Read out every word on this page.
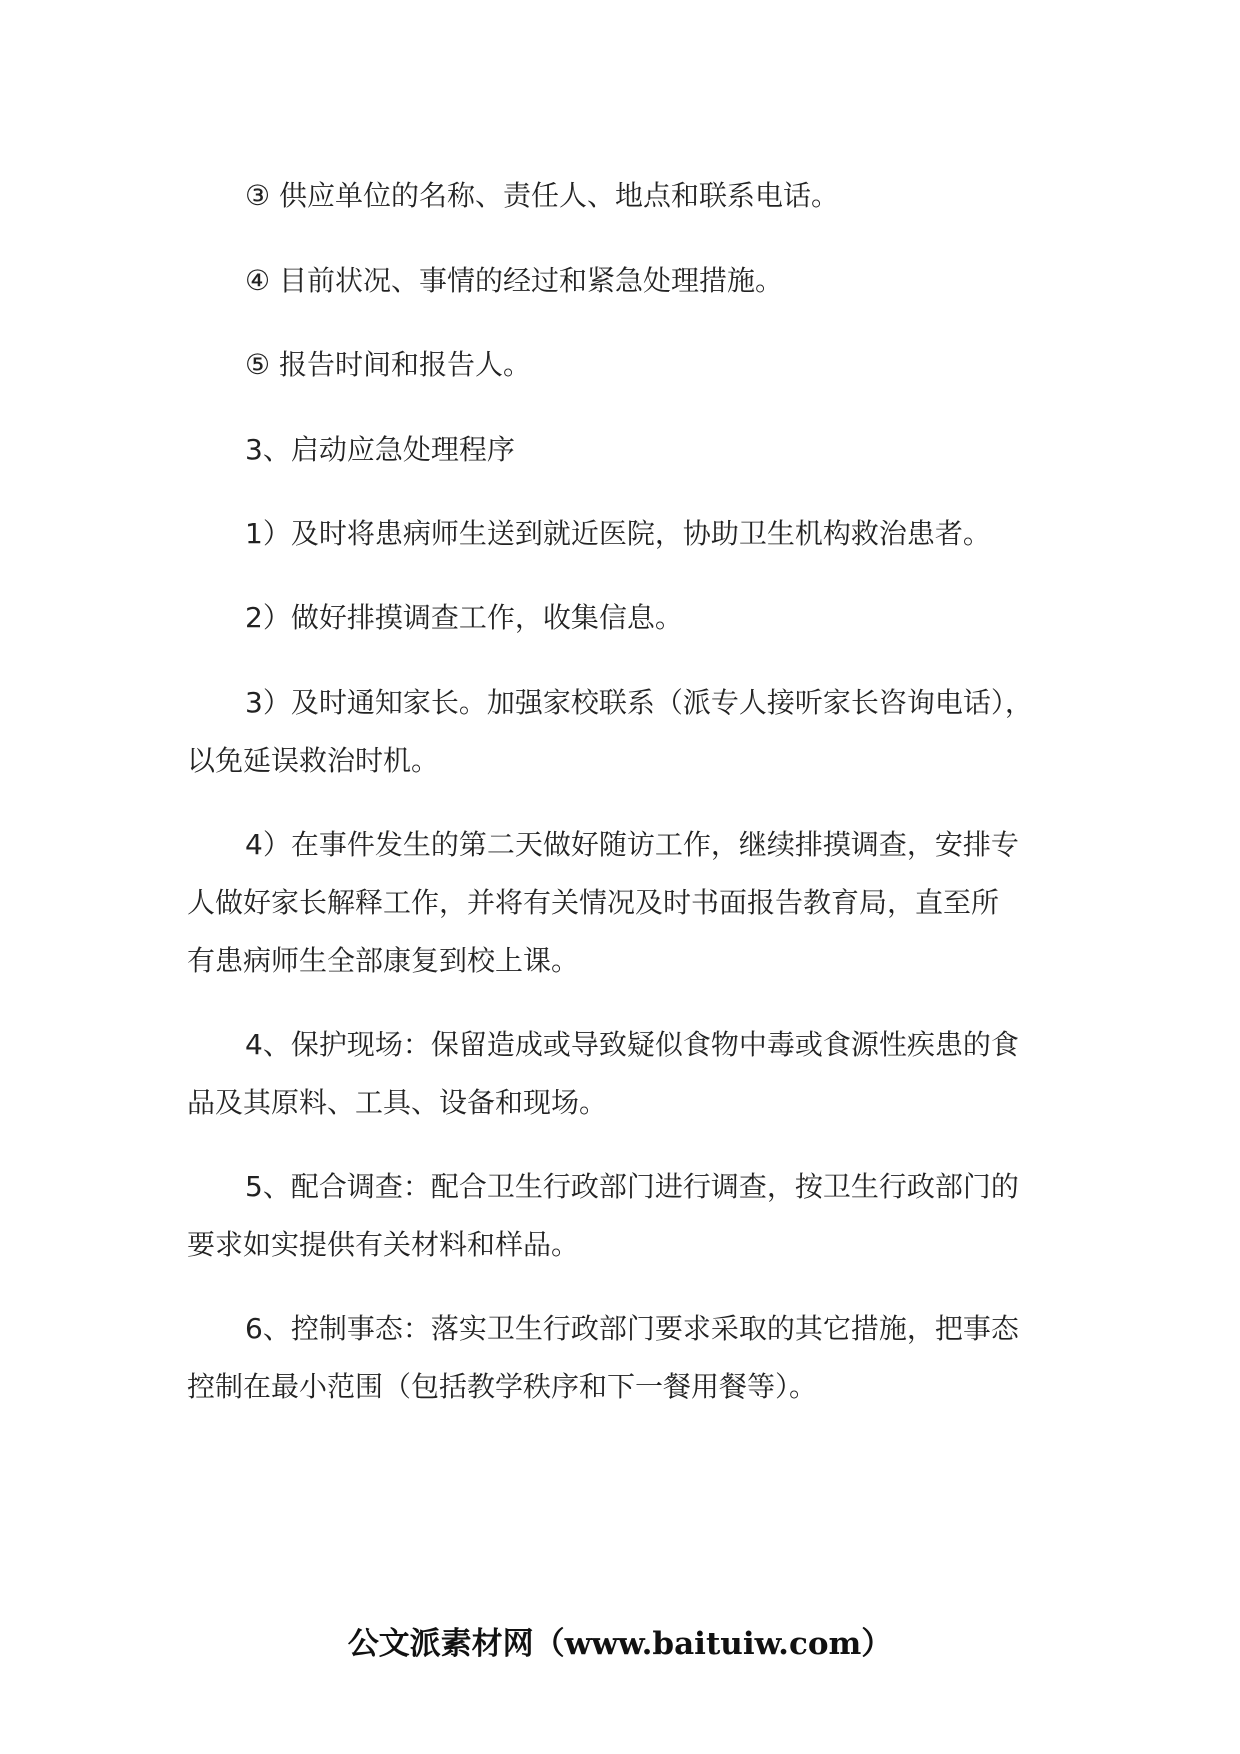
③ 供应单位的名称、责任人、地点和联系电话。
④ 目前状况、事情的经过和紧急处理措施。
⑤ 报告时间和报告人。
3、启动应急处理程序
1）及时将患病师生送到就近医院，协助卫生机构救治患者。
2）做好排摸调查工作，收集信息。
3）及时通知家长。加强家校联系（派专人接听家长咨询电话），
以免延误救治时机。
4）在事件发生的第二天做好随访工作，继续排摸调查，安排专
人做好家长解释工作，并将有关情况及时书面报告教育局，直至所
有患病师生全部康复到校上课。
4、保护现场：保留造成或导致疑似食物中毒或食源性疾患的食
品及其原料、工具、设备和现场。
5、配合调查：配合卫生行政部门进行调查，按卫生行政部门的
要求如实提供有关材料和样品。
6、控制事态：落实卫生行政部门要求采取的其它措施，把事态
控制在最小范围（包括教学秩序和下一餐用餐等）。
公文派素材网（www.baituiw.com）
